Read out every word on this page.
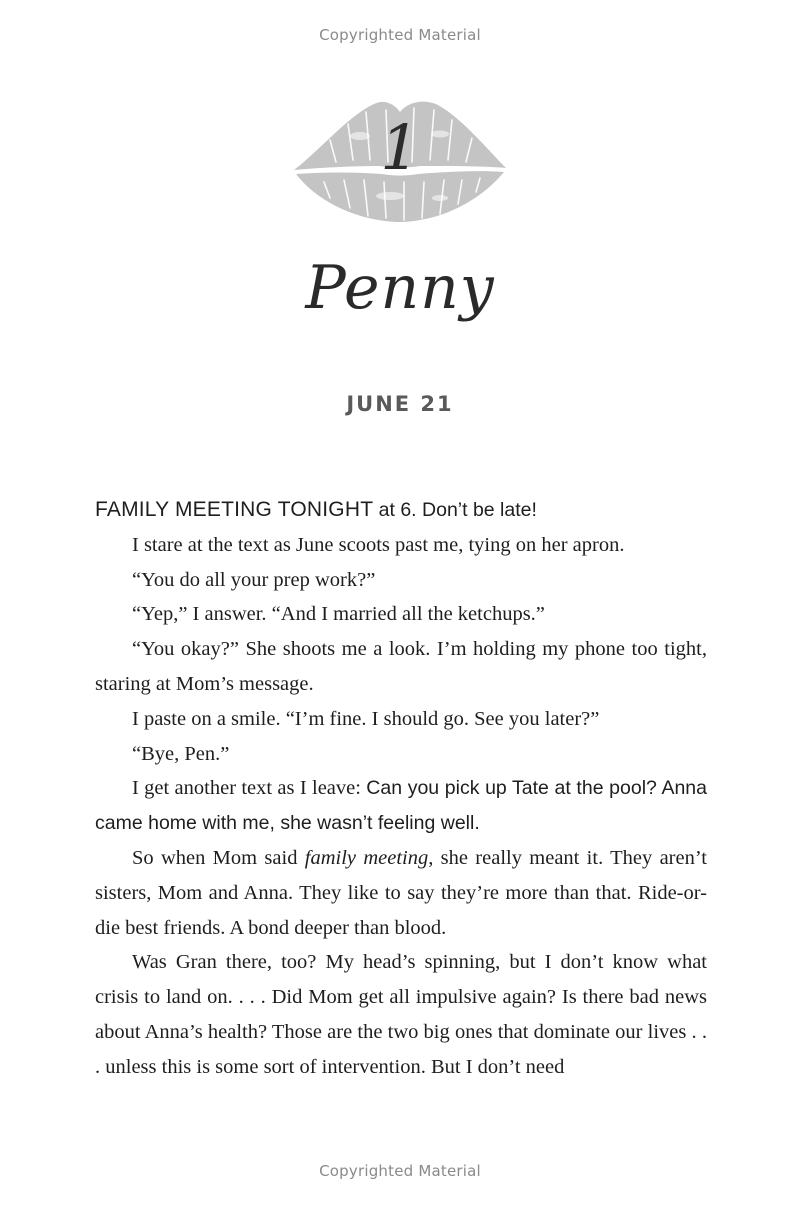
Copyrighted Material
1
Penny
JUNE 21

FAMILY MEETING TONIGHT at 6. Don’t be late!

I stare at the text as June scoots past me, tying on her apron.

“You do all your prep work?”

“Yep,” I answer. “And I married all the ketchups.”

“You okay?” She shoots me a look. I’m holding my phone too tight, staring at Mom’s message.

I paste on a smile. “I’m fine. I should go. See you later?”

“Bye, Pen.”

I get another text as I leave: Can you pick up Tate at the pool? Anna came home with me, she wasn’t feeling well.

So when Mom said family meeting, she really meant it. They aren’t sisters, Mom and Anna. They like to say they’re more than that. Ride-or-die best friends. A bond deeper than blood.

Was Gran there, too? My head’s spinning, but I don’t know what crisis to land on. . . . Did Mom get all impulsive again? Is there bad news about Anna’s health? Those are the two big ones that dominate our lives . . . unless this is some sort of intervention. But I don’t need

Copyrighted Material
